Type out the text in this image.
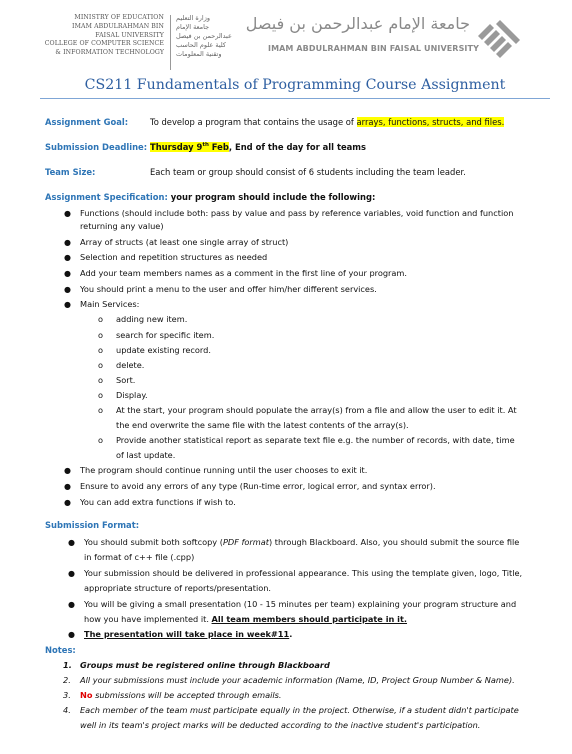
MINISTRY OF EDUCATION
IMAM ABDULRAHMAN BIN
FAISAL UNIVERSITY
COLLEGE OF COMPUTER SCIENCE
& INFORMATION TECHNOLOGY
وزارة التعليم
جامعة الإمام
عبدالرحمن بن فيصل
كلية علوم الحاسب
وتقنية المعلومات
جامعة الإمام عبدالرحمن بن فيصل
IMAM ABDULRAHMAN BIN FAISAL UNIVERSITY
CS211 Fundamentals of Programming Course Assignment
Assignment Goal:	To develop a program that contains the usage of arrays, functions, structs, and files.
Submission Deadline: Thursday 9th Feb, End of the day for all teams
Team Size:	Each team or group should consist of 6 students including the team leader.
Assignment Specification: your program should include the following:
● Functions (should include both: pass by value and pass by reference variables, void function and function
returning any value)
● Array of structs (at least one single array of struct)
● Selection and repetition structures as needed
● Add your team members names as a comment in the first line of your program.
● You should print a menu to the user and offer him/her different services.
● Main Services:
o adding new item.
o search for specific item.
o update existing record.
o delete.
o Sort.
o Display.
o At the start, your program should populate the array(s) from a file and allow the user to edit it. At
the end overwrite the same file with the latest contents of the array(s).
o Provide another statistical report as separate text file e.g. the number of records, with date, time
of last update.
● The program should continue running until the user chooses to exit it.
● Ensure to avoid any errors of any type (Run-time error, logical error, and syntax error).
● You can add extra functions if wish to.
Submission Format:
● You should submit both softcopy (PDF format) through Blackboard. Also, you should submit the source file
in format of c++ file (.cpp)
● Your submission should be delivered in professional appearance. This using the template given, logo, Title,
appropriate structure of reports/presentation.
● You will be giving a small presentation (10 - 15 minutes per team) explaining your program structure and
how you have implemented it. All team members should participate in it.
● The presentation will take place in week#11.
Notes:
1. Groups must be registered online through Blackboard
2. All your submissions must include your academic information (Name, ID, Project Group Number & Name).
3. No submissions will be accepted through emails.
4. Each member of the team must participate equally in the project. Otherwise, if a student didn't participate
well in its team's project marks will be deducted according to the inactive student's participation.
